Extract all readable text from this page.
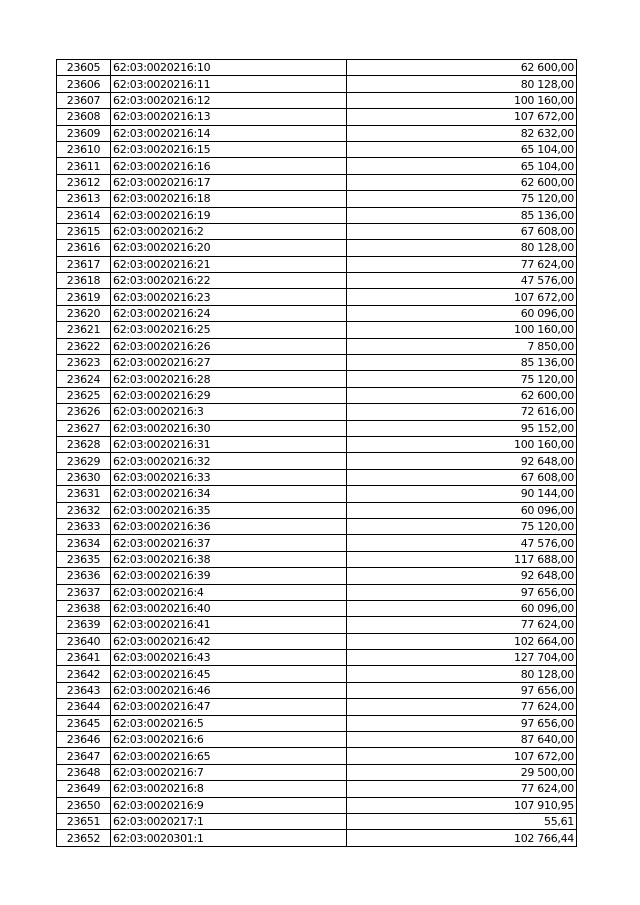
23605	62:03:0020216:10	62 600,00
23606	62:03:0020216:11	80 128,00
23607	62:03:0020216:12	100 160,00
23608	62:03:0020216:13	107 672,00
23609	62:03:0020216:14	82 632,00
23610	62:03:0020216:15	65 104,00
23611	62:03:0020216:16	65 104,00
23612	62:03:0020216:17	62 600,00
23613	62:03:0020216:18	75 120,00
23614	62:03:0020216:19	85 136,00
23615	62:03:0020216:2	67 608,00
23616	62:03:0020216:20	80 128,00
23617	62:03:0020216:21	77 624,00
23618	62:03:0020216:22	47 576,00
23619	62:03:0020216:23	107 672,00
23620	62:03:0020216:24	60 096,00
23621	62:03:0020216:25	100 160,00
23622	62:03:0020216:26	7 850,00
23623	62:03:0020216:27	85 136,00
23624	62:03:0020216:28	75 120,00
23625	62:03:0020216:29	62 600,00
23626	62:03:0020216:3	72 616,00
23627	62:03:0020216:30	95 152,00
23628	62:03:0020216:31	100 160,00
23629	62:03:0020216:32	92 648,00
23630	62:03:0020216:33	67 608,00
23631	62:03:0020216:34	90 144,00
23632	62:03:0020216:35	60 096,00
23633	62:03:0020216:36	75 120,00
23634	62:03:0020216:37	47 576,00
23635	62:03:0020216:38	117 688,00
23636	62:03:0020216:39	92 648,00
23637	62:03:0020216:4	97 656,00
23638	62:03:0020216:40	60 096,00
23639	62:03:0020216:41	77 624,00
23640	62:03:0020216:42	102 664,00
23641	62:03:0020216:43	127 704,00
23642	62:03:0020216:45	80 128,00
23643	62:03:0020216:46	97 656,00
23644	62:03:0020216:47	77 624,00
23645	62:03:0020216:5	97 656,00
23646	62:03:0020216:6	87 640,00
23647	62:03:0020216:65	107 672,00
23648	62:03:0020216:7	29 500,00
23649	62:03:0020216:8	77 624,00
23650	62:03:0020216:9	107 910,95
23651	62:03:0020217:1	55,61
23652	62:03:0020301:1	102 766,44
